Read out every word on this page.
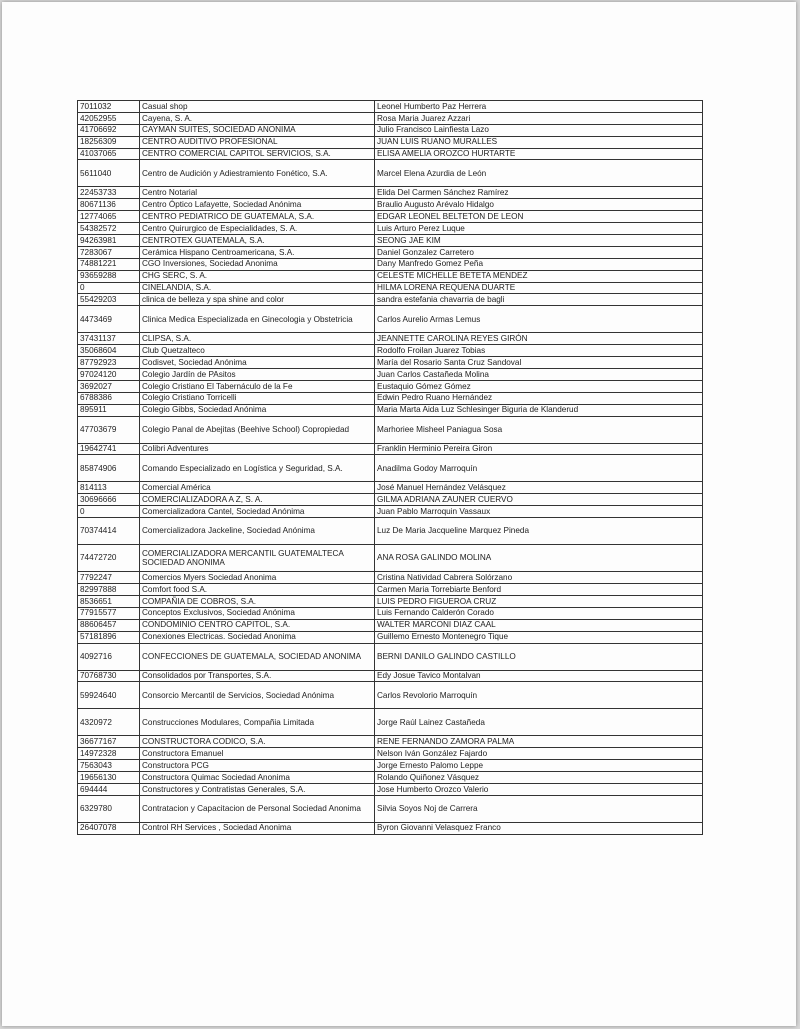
7011032	Casual shop	Leonel Humberto Paz Herrera
42052955	Cayena, S. A.	Rosa Maria Juarez Azzari
41706692	CAYMAN SUITES, SOCIEDAD ANONIMA	Julio Francisco Lainfiesta Lazo
18256309	CENTRO AUDITIVO PROFESIONAL	JUAN LUIS RUANO MURALLES
41037065	CENTRO COMERCIAL CAPITOL SERVICIOS, S.A.	ELISA AMELIA OROZCO HURTARTE
5611040	Centro de Audición y Adiestramiento Fonético, S.A.	Marcel Elena Azurdia de León
22453733	Centro Notarial	Elida Del Carmen Sánchez Ramírez
80671136	Centro Óptico Lafayette, Sociedad Anónima	Braulio Augusto Arévalo Hidalgo
12774065	CENTRO PEDIATRICO DE GUATEMALA, S.A.	EDGAR LEONEL BELTETON DE LEON
54382572	Centro Quirurgico de Especialidades, S. A.	Luis Arturo Perez Luque
94263981	CENTROTEX GUATEMALA, S.A.	SEONG JAE KIM
7283067	Cerámica Hispano Centroamericana, S.A.	Daniel Gonzalez Carretero
74881221	CGO Inversiones, Sociedad Anonima	Dany Manfredo Gomez Peña
93659288	CHG SERC, S. A.	CELESTE MICHELLE BETETA MENDEZ
0	CINELANDIA, S.A.	HILMA LORENA REQUENA DUARTE
55429203	clinica de belleza y spa shine and color	sandra estefania chavarria de bagli
4473469	Clinica Medica Especializada en Ginecologia y Obstetricia	Carlos Aurelio Armas Lemus
37431137	CLIPSA, S.A.	JEANNETTE CAROLINA REYES GIRÓN
35068604	Club Quetzalteco	Rodolfo Froilan Juarez Tobias
87792923	Codisvet, Sociedad Anónima	María del Rosario Santa Cruz Sandoval
97024120	Colegio Jardín de PAsitos	Juan Carlos Castañeda Molina
3692027	Colegio Cristiano El Tabernáculo de la Fe	Eustaquio Gómez Gómez
6788386	Colegio Cristiano Torricelli	Edwin Pedro Ruano Hernández
895911	Colegio Gibbs, Sociedad Anónima	Maria Marta Aida Luz Schlesinger Biguria de Klanderud
47703679	Colegio Panal de Abejitas (Beehive School) Copropiedad	Marhoriee Misheel Paniagua Sosa
19642741	Colibri Adventures	Franklin Herminio Pereira Giron
85874906	Comando Especializado en Logística y Seguridad, S.A.	Anadilma Godoy Marroquín
814113	Comercial América	José Manuel Hernández Velásquez
30696666	COMERCIALIZADORA A Z, S. A.	GILMA ADRIANA ZAUNER CUERVO
0	Comercializadora Cantel, Sociedad Anónima	Juan Pablo Marroquin Vassaux
70374414	Comercializadora Jackeline, Sociedad Anónima	Luz De Maria Jacqueline Marquez Pineda
74472720	COMERCIALIZADORA MERCANTIL GUATEMALTECA SOCIEDAD ANONIMA	ANA ROSA GALINDO MOLINA
7792247	Comercios Myers Sociedad Anonima	Cristina Natividad Cabrera Solórzano
82997888	Comfort food S.A.	Carmen Maria Torrebiarte Benford
8536651	COMPAÑIA DE COBROS, S.A.	LUIS PEDRO FIGUEROA CRUZ
77915577	Conceptos Exclusivos, Sociedad Anónima	Luis Fernando Calderón Corado
88606457	CONDOMINIO CENTRO CAPITOL, S.A.	WALTER MARCONI DIAZ CAAL
57181896	Conexiones Electricas. Sociedad Anonima	Guillemo Ernesto Montenegro Tique
4092716	CONFECCIONES DE GUATEMALA, SOCIEDAD ANONIMA	BERNI DANILO GALINDO CASTILLO
70768730	Consolidados por Transportes, S.A.	Edy Josue Tavico Montalvan
59924640	Consorcio Mercantil de Servicios, Sociedad Anónima	Carlos Revolorio Marroquín
4320972	Construcciones Modulares, Compañia Limitada	Jorge Raúl Lainez Castañeda
36677167	CONSTRUCTORA CODICO, S.A.	RENE FERNANDO ZAMORA PALMA
14972328	Constructora Emanuel	Nelson Iván González Fajardo
7563043	Constructora PCG	Jorge Ernesto Palomo Leppe
19656130	Constructora Quimac Sociedad Anonima	Rolando Quiñonez Vásquez
694444	Constructores y Contratistas Generales, S.A.	Jose Humberto Orozco Valerio
6329780	Contratacion y Capacitacion de Personal Sociedad Anonima	Silvia Soyos Noj de Carrera
26407078	Control RH Services , Sociedad Anonima	Byron Giovanni Velasquez Franco
